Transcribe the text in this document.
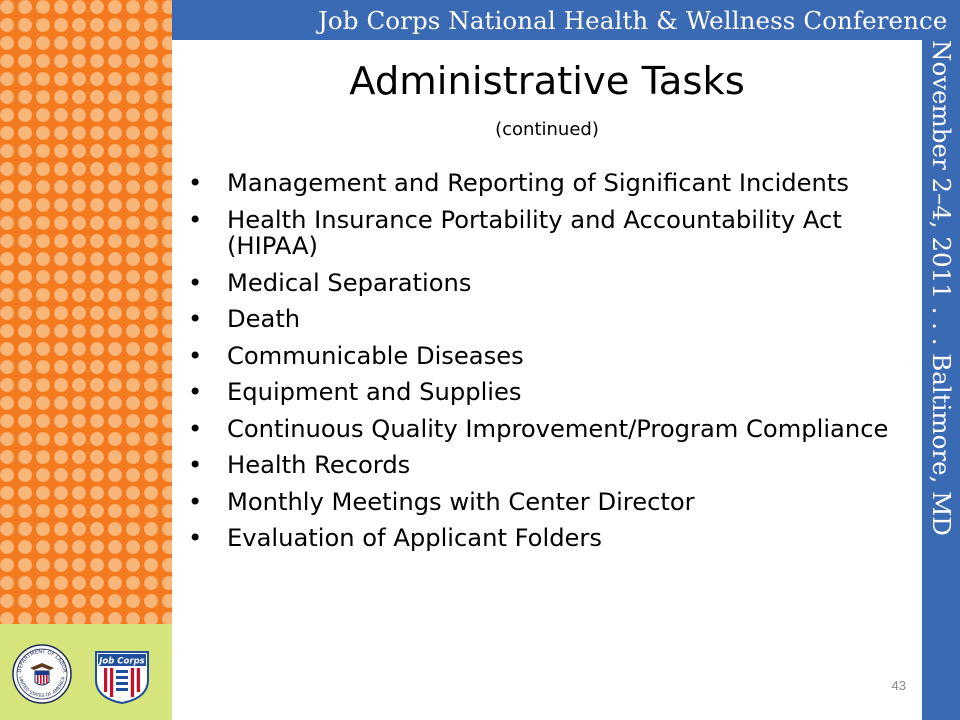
Job Corps National Health & Wellness Conference
November 2–4, 2011 . . . Baltimore, MD
Administrative Tasks
(continued)
• Management and Reporting of Significant Incidents
• Health Insurance Portability and Accountability Act (HIPAA)
• Medical Separations
• Death
• Communicable Diseases
• Equipment and Supplies
• Continuous Quality Improvement/Program Compliance
• Health Records
• Monthly Meetings with Center Director
• Evaluation of Applicant Folders
43
DEPARTMENT OF LABOR
UNITED STATES OF AMERICA
Job Corps
